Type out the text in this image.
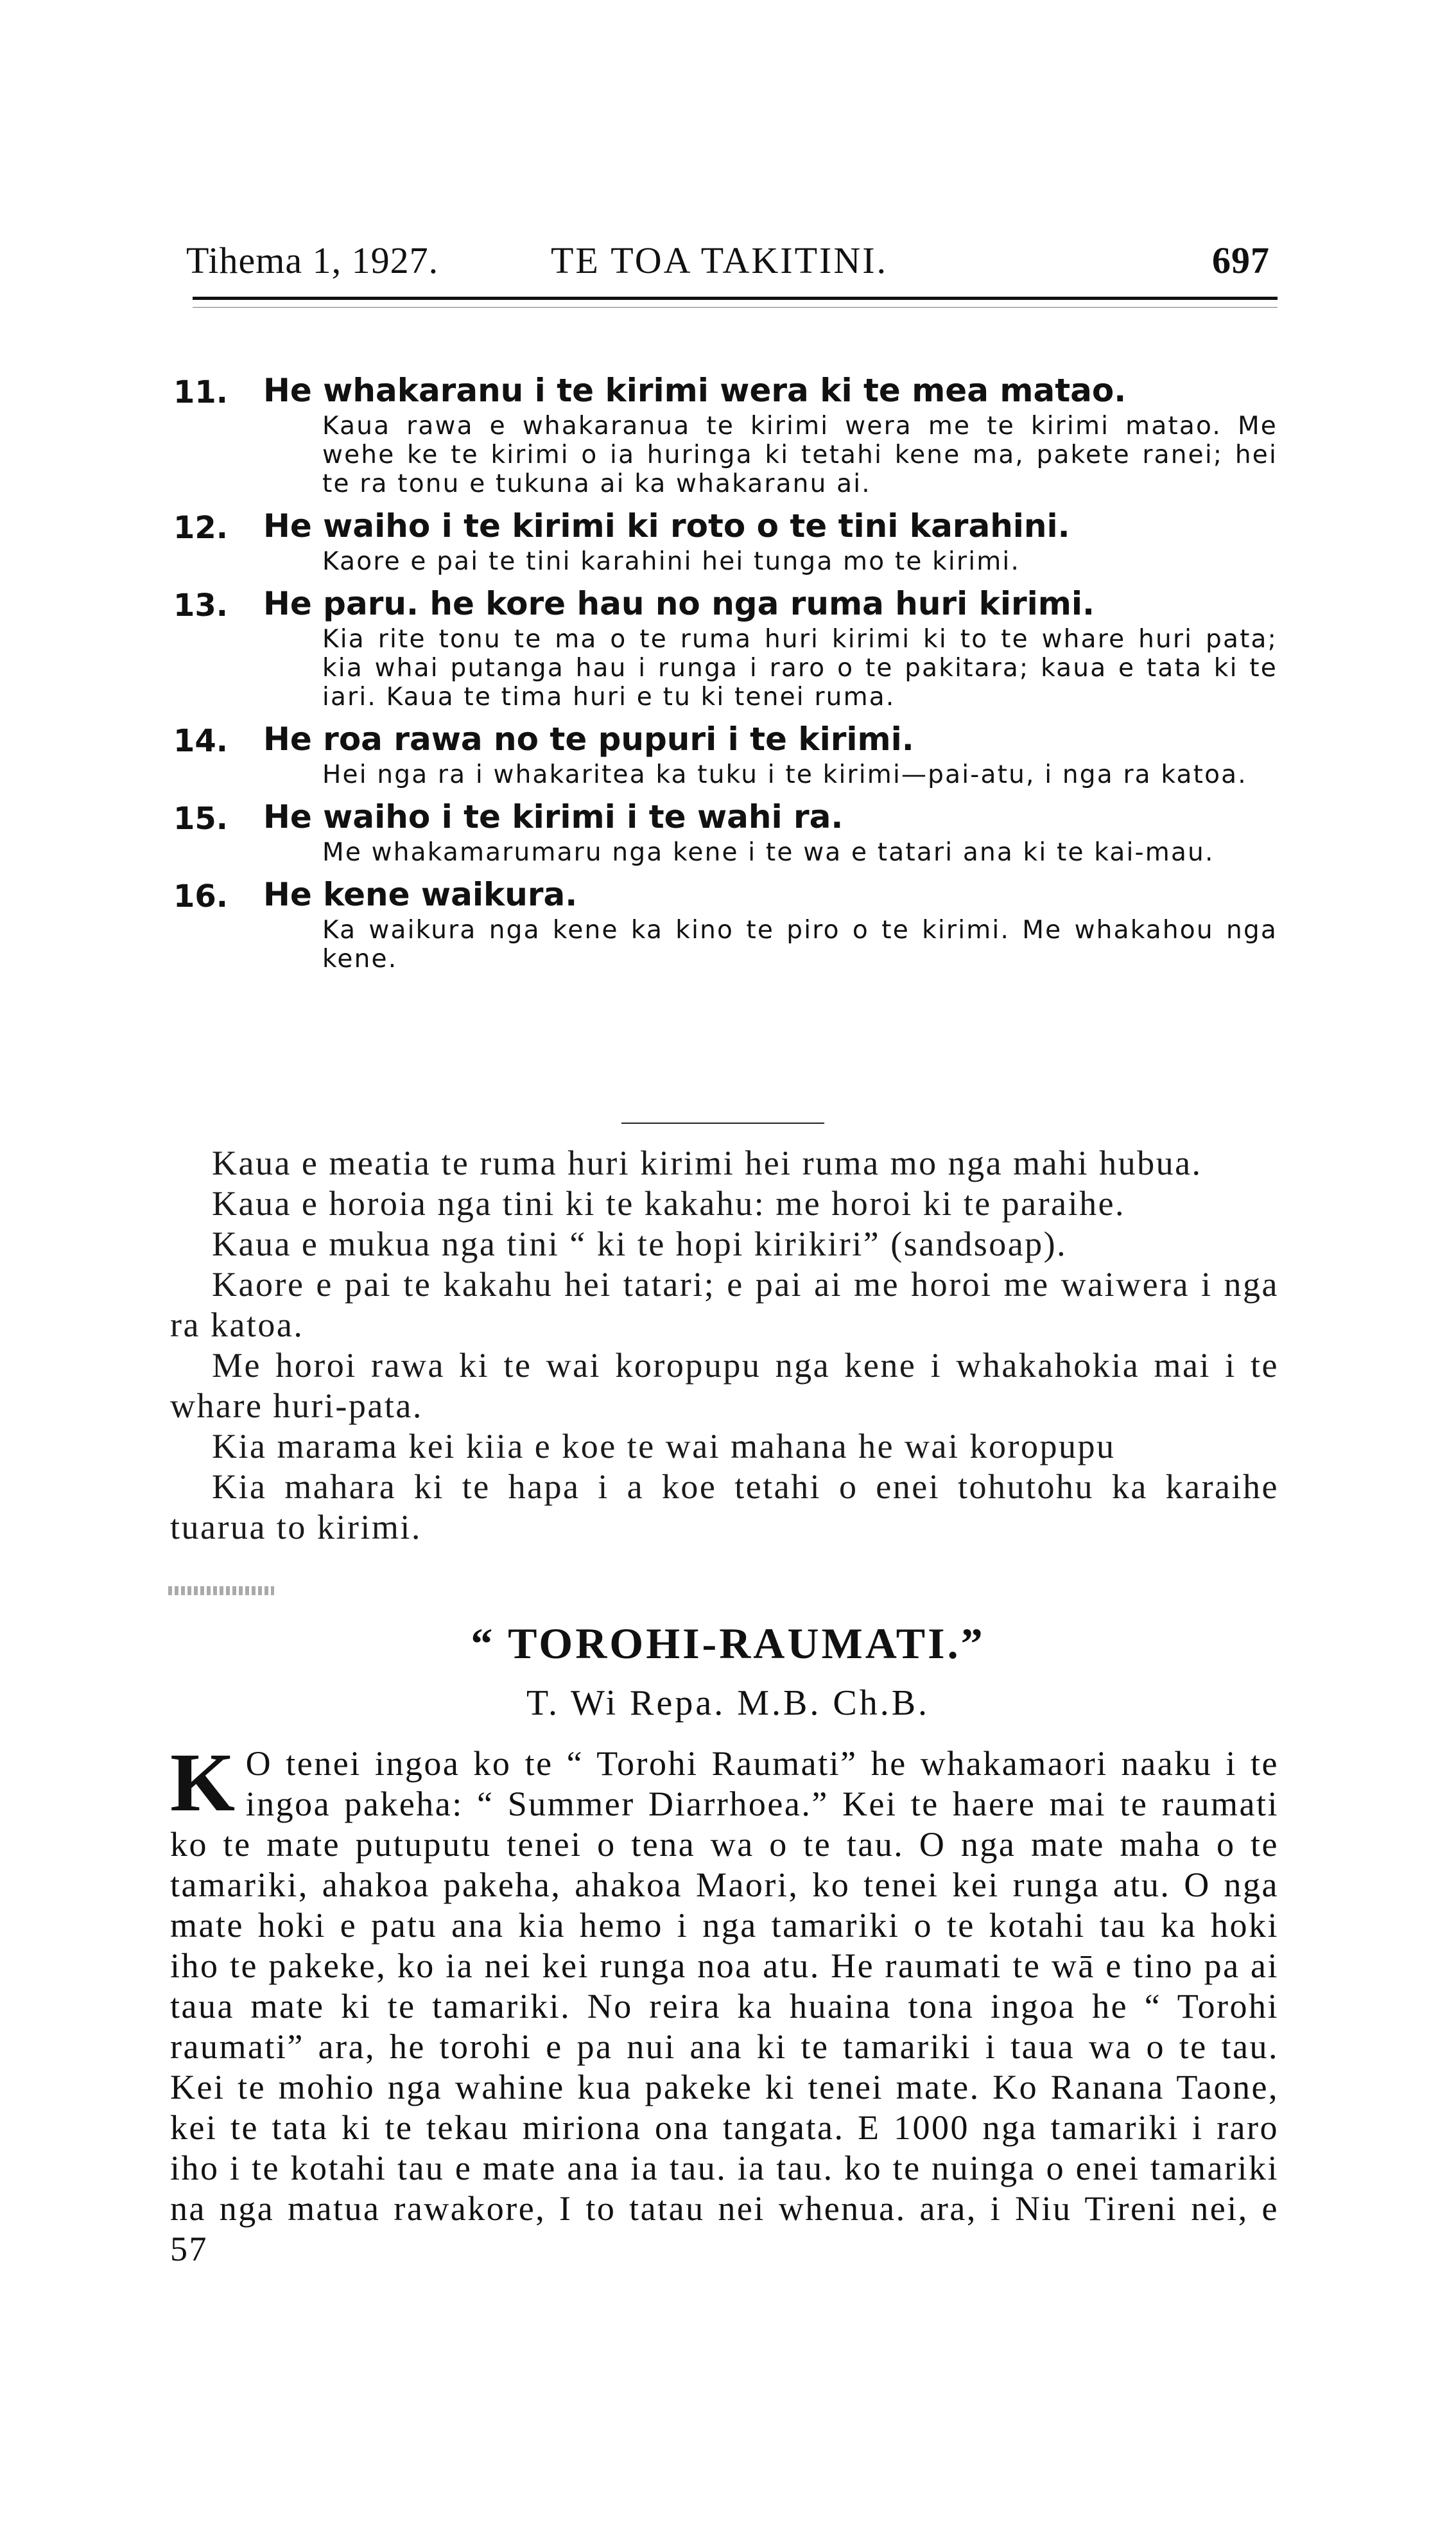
Tihema 1, 1927.	TE TOA TAKITINI.	697
11. He whakaranu i te kirimi wera ki te mea matao.
Kaua rawa e whakaranua te kirimi wera me te kirimi matao. Me wehe ke te kirimi o ia huringa ki tetahi kene ma, pakete ranei; hei te ra tonu e tukuna ai ka whakaranu ai.
12. He waiho i te kirimi ki roto o te tini karahini.
Kaore e pai te tini karahini hei tunga mo te kirimi.
13. He paru. he kore hau no nga ruma huri kirimi.
Kia rite tonu te ma o te ruma huri kirimi ki to te whare huri pata; kia whai putanga hau i runga i raro o te pakitara; kaua e tata ki te iari. Kaua te tima huri e tu ki tenei ruma.
14. He roa rawa no te pupuri i te kirimi.
Hei nga ra i whakaritea ka tuku i te kirimi—pai-atu, i nga ra katoa.
15. He waiho i te kirimi i te wahi ra.
Me whakamarumaru nga kene i te wa e tatari ana ki te kai-mau.
16. He kene waikura.
Ka waikura nga kene ka kino te piro o te kirimi. Me whakahou nga kene.

Kaua e meatia te ruma huri kirimi hei ruma mo nga mahi hubua.

Kaua e horoia nga tini ki te kakahu: me horoi ki te paraihe.

Kaua e mukua nga tini “ ki te hopi kirikiri” (sandsoap).

Kaore e pai te kakahu hei tatari; e pai ai me horoi me waiwera i nga ra katoa.

Me horoi rawa ki te wai koropupu nga kene i whakahokia mai i te whare huri-pata.

Kia marama kei kiia e koe te wai mahana he wai koropupu

Kia mahara ki te hapa i a koe tetahi o enei tohutohu ka karaihe tuarua to kirimi.

“ TOROHI-RAUMATI.”
T. Wi Repa. M.B. Ch.B.
K O tenei ingoa ko te “ Torohi Raumati” he whakamaori naaku i te ingoa pakeha: “ Summer Diarrhoea.” Kei te haere mai te raumati ko te mate putuputu tenei o tena wa o te tau. O nga mate maha o te tamariki, ahakoa pakeha, ahakoa Maori, ko tenei kei runga atu. O nga mate hoki e patu ana kia hemo i nga tamariki o te kotahi tau ka hoki iho te pakeke, ko ia nei kei runga noa atu. He raumati te wā e tino pa ai taua mate ki te tamariki. No reira ka huaina tona ingoa he “ Torohi raumati” ara, he torohi e pa nui ana ki te tamariki i taua wa o te tau. Kei te mohio nga wahine kua pakeke ki tenei mate. Ko Ranana Taone, kei te tata ki te tekau miriona ona tangata. E 1000 nga tamariki i raro iho i te kotahi tau e mate ana ia tau. ia tau. ko te nuinga o enei tamariki na nga matua rawakore, I to tatau nei whenua. ara, i Niu Tireni nei, e 57
